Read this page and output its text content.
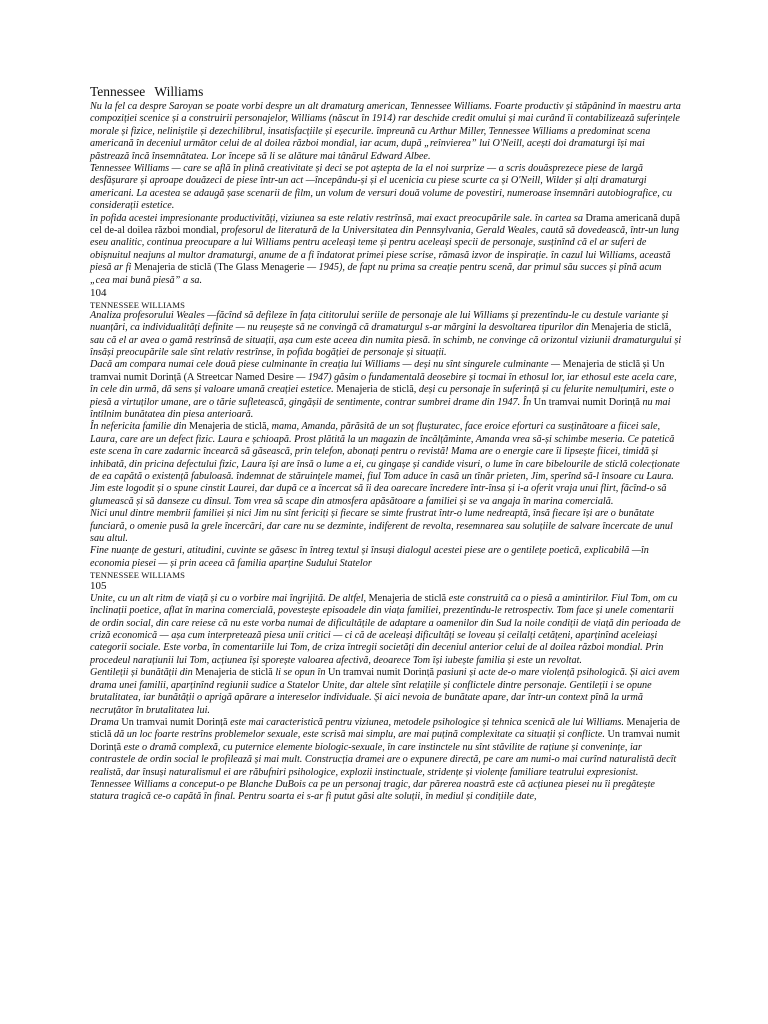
Tennessee Williams
Nu la fel ca despre Saroyan se poate vorbi despre un alt dramaturg american, Tennessee Williams. Foarte productiv și stăpânind în maestru arta compoziției scenice și a construirii personajelor, Williams (născut în 1914) rar deschide credit omului și mai curând îi contabilizează suferințele morale și fizice, neliniștile și dezechilibrul, insatisfacțiile și eșecurile. împreună cu Arthur Miller, Tennessee Williams a predominat scena americană în deceniul următor celui de al doilea război mondial, iar acum, după „reînvierea” lui O'Neill, acești doi dramaturgi își mai păstrează încă însemnătatea. Lor începe să li se alăture mai tânărul Edward Albee.
Tennessee Williams — care se află în plină creativitate și deci se pot aștepta de la el noi surprize — a scris douăsprezece piese de largă desfășurare și aproape douăzeci de piese într-un act —începându-și și el ucenicia cu piese scurte ca și O'Neill, Wilder și alți dramaturgi americani. La acestea se adaugă șase scenarii de film, un volum de versuri două volume de povestiri, numeroase însemnări autobiografice, cu considerații estetice.
în pofida acestei impresionante productivități, viziunea sa este relativ restrînsă, mai exact preocupările sale. în cartea sa Drama americană după cel de-al doilea război mondial, profesorul de literatură de la Universitatea din Pennsylvania, Gerald Weales, caută să dovedească, într-un lung eseu analitic, continua preocupare a lui Williams pentru aceleași teme și pentru aceleași specii de personaje, susținînd că el ar suferi de obișnuitul neajuns al multor dramaturgi, anume de a fi îndatorat primei piese scrise, rămasă izvor de inspirație. în cazul lui Williams, această piesă ar fi Menajeria de sticlă (The Glass Menagerie — 1945), de fapt nu prima sa creație pentru scenă, dar primul său succes și pînă acum „cea mai bună piesă” a sa.
104
TENNESSEE WILLIAMS
Analiza profesorului Weales —făcînd să defileze în fața cititorului seriile de personaje ale lui Williams și prezentîndu-le cu destule variante și nuanțări, ca individualități definite — nu reușește să ne convingă că dramaturgul s-ar mărgini la desvoltarea tipurilor din Menajeria de sticlă, sau că el ar avea o gamă restrînsă de situații, așa cum este aceea din numita piesă. în schimb, ne convinge că orizontul viziunii dramaturgului și însăși preocupările sale sînt relativ restrînse, în pofida bogăției de personaje și situații.
Dacă am compara numai cele două piese culminante în creația lui Williams — deși nu sînt singurele culminante — Menajeria de sticlă și Un tramvai numit Dorință (A Streetcar Named Desire — 1947) găsim o fundamentală deosebire și tocmai în ethosul lor, iar ethosul este acela care, în cele din urmă, dă sens și valoare umană creației estetice. Menajeria de sticlă, deși cu personaje în suferință și cu felurite nemulțumiri, este o piesă a virtuților umane, are o tărie sufletească, gingășii de sentimente, contrar sumbrei drame din 1947. În Un tramvai numit Dorință nu mai întîlnim bunătatea din piesa anterioară.
În nefericita familie din Menajeria de sticlă, mama, Amanda, părăsită de un soț flușturatec, face eroice eforturi ca susținătoare a fiicei sale, Laura, care are un defect fizic. Laura e șchioapă. Prost plătită la un magazin de încălțăminte, Amanda vrea să-și schimbe meseria. Ce patetică este scena în care zadarnic încearcă să găsească, prin telefon, abonați pentru o revistă! Mama are o energie care îi lipsește fiicei, timidă și inhibată, din pricina defectului fizic, Laura își are însă o lume a ei, cu gingașe și candide visuri, o lume în care bibelourile de sticlă colecționate de ea capătă o existență fabuloasă. îndemnat de stăruințele mamei, fiul Tom aduce în casă un tînăr prieten, Jim, sperînd să-l însoare cu Laura. Jim este logodit și o spune cinstit Laurei, dar după ce a încercat să îi dea oarecare încredere într-însa și i-a oferit vraja unui flirt, făcînd-o să glumească și să danseze cu dînsul. Tom vrea să scape din atmosfera apăsătoare a familiei și se va angaja în marina comercială.
Nici unul dintre membrii familiei și nici Jim nu sînt fericiți și fiecare se simte frustrat într-o lume nedreaptă, însă fiecare își are o bunătate funciară, o omenie pusă la grele încercări, dar care nu se dezminte, indiferent de revolta, resemnarea sau soluțiile de salvare încercate de unul sau altul.
Fine nuanțe de gesturi, atitudini, cuvinte se găsesc în întreg textul și însuși dialogul acestei piese are o gentilețe poetică, explicabilă —în economia piesei — și prin aceea că familia aparține Sudului Statelor
TENNESSEE WILLIAMS
105
Unite, cu un alt ritm de viață și cu o vorbire mai îngrijită. De altfel, Menajeria de sticlă este construită ca o piesă a amintirilor. Fiul Tom, om cu înclinații poetice, aflat în marina comercială, povestește episoadele din viața familiei, prezentîndu-le retrospectiv. Tom face și unele comentarii de ordin social, din care reiese că nu este vorba numai de dificultățile de adaptare a oamenilor din Sud la noile condiții de viață din perioada de criză economică — așa cum interpretează piesa unii critici — ci că de aceleași dificultăți se loveau și ceilalți cetățeni, aparținînd aceleiași categorii sociale. Este vorba, în comentariile lui Tom, de criza întregii societăți din deceniul anterior celui de al doilea război mondial. Prin procedeul narațiunii lui Tom, acțiunea își sporește valoarea afectivă, deoarece Tom își iubește familia și este un revoltat.
Gentileții și bunătății din Menajeria de sticlă li se opun în Un tramvai numit Dorință pasiuni și acte de-o mare violență psihologică. Și aici avem drama unei familii, aparținînd regiunii sudice a Statelor Unite, dar altele sînt relațiile și conflictele dintre personaje. Gentileții i se opune brutalitatea, iar bunătății o aprigă apărare a intereselor individuale. Și aici nevoia de bunătate apare, dar într-un context pînă la urmă necruțător în brutalitatea lui.
Drama Un tramvai numit Dorință este mai caracteristică pentru viziunea, metodele psihologice și tehnica scenică ale lui Williams. Menajeria de sticlă dă un loc foarte restrîns problemelor sexuale, este scrisă mai simplu, are mai puțină complexitate ca situații și conflicte. Un tramvai numit Dorință este o dramă complexă, cu puternice elemente biologic-sexuale, în care instinctele nu sînt stăvilite de rațiune și convenințe, iar contrastele de ordin social le profilează și mai mult. Construcția dramei are o expunere directă, pe care am numi-o mai curînd naturalistă decît realistă, dar însuși naturalismul ei are răbufniri psihologice, explozii instinctuale, stridențe și violențe familiare teatrului expresionist.
Tennessee Williams a conceput-o pe Blanche DuBois ca pe un personaj tragic, dar părerea noastră este că acțiunea piesei nu îi pregătește statura tragică ce-o capătă în final. Pentru soarta ei s-ar fi putut găsi alte soluții, în mediul și condițiile date,
